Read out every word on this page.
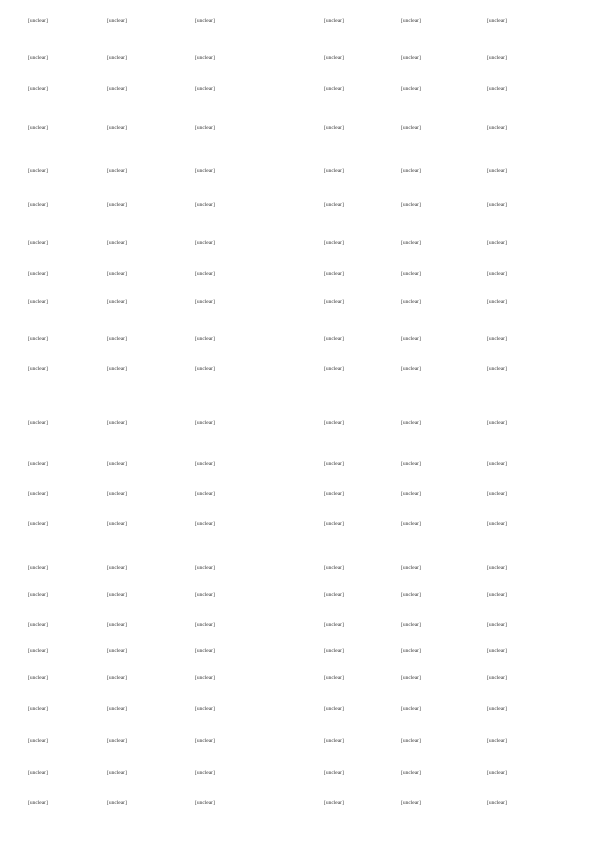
[unclear]	[unclear]	[unclear]	[unclear]	[unclear]	[unclear]
[unclear]	[unclear]	[unclear]	[unclear]	[unclear]	[unclear]
[unclear]	[unclear]	[unclear]	[unclear]	[unclear]	[unclear]
[unclear]	[unclear]	[unclear]	[unclear]	[unclear]	[unclear]
[unclear]	[unclear]	[unclear]	[unclear]	[unclear]	[unclear]
[unclear]	[unclear]	[unclear]	[unclear]	[unclear]	[unclear]
[unclear]	[unclear]	[unclear]	[unclear]	[unclear]	[unclear]
[unclear]	[unclear]	[unclear]	[unclear]	[unclear]	[unclear]
[unclear]	[unclear]	[unclear]	[unclear]	[unclear]	[unclear]
[unclear]	[unclear]	[unclear]	[unclear]	[unclear]	[unclear]
[unclear]	[unclear]	[unclear]	[unclear]	[unclear]	[unclear]
[unclear]	[unclear]	[unclear]	[unclear]	[unclear]	[unclear]
[unclear]	[unclear]	[unclear]	[unclear]	[unclear]	[unclear]
[unclear]	[unclear]	[unclear]	[unclear]	[unclear]	[unclear]
[unclear]	[unclear]	[unclear]	[unclear]	[unclear]	[unclear]
[unclear]	[unclear]	[unclear]	[unclear]	[unclear]	[unclear]
[unclear]	[unclear]	[unclear]	[unclear]	[unclear]	[unclear]
[unclear]	[unclear]	[unclear]	[unclear]	[unclear]	[unclear]
[unclear]	[unclear]	[unclear]	[unclear]	[unclear]	[unclear]
[unclear]	[unclear]	[unclear]	[unclear]	[unclear]	[unclear]
[unclear]	[unclear]	[unclear]	[unclear]	[unclear]	[unclear]
[unclear]	[unclear]	[unclear]	[unclear]	[unclear]	[unclear]
[unclear]	[unclear]	[unclear]	[unclear]	[unclear]	[unclear]
[unclear]	[unclear]	[unclear]	[unclear]	[unclear]	[unclear]
